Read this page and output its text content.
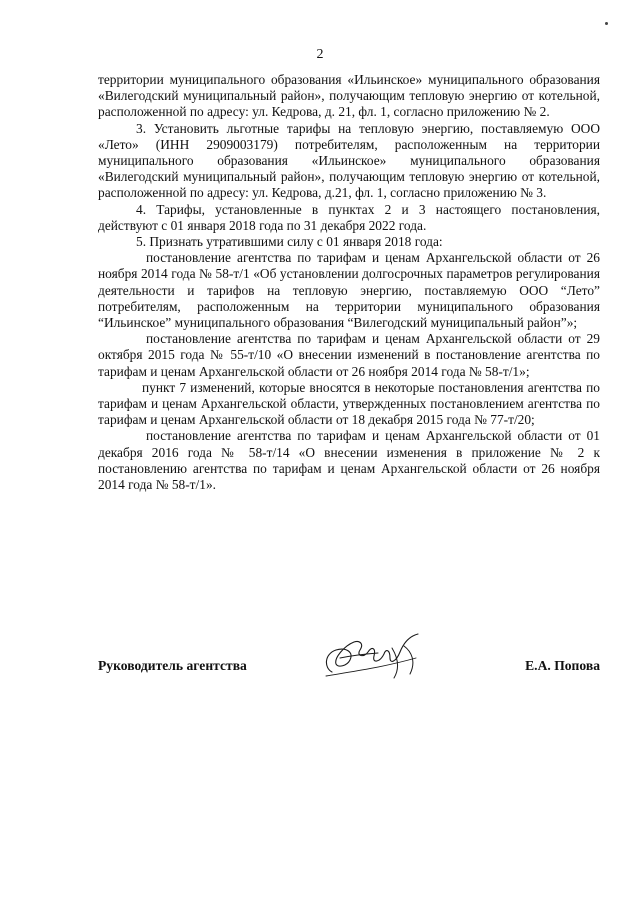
2

территории муниципального образования «Ильинское» муниципального образования «Вилегодский муниципальный район», получающим тепловую энергию от котельной, расположенной по адресу: ул. Кедрова, д. 21, фл. 1, согласно приложению № 2.

3. Установить льготные тарифы на тепловую энергию, поставляемую ООО «Лето» (ИНН 2909003179) потребителям, расположенным на территории муниципального образования «Ильинское» муниципального образования «Вилегодский муниципальный район», получающим тепловую энергию от котельной, расположенной по адресу: ул. Кедрова, д.21, фл. 1, согласно приложению № 3.

4. Тарифы, установленные в пунктах 2 и 3 настоящего постановления, действуют с 01 января 2018 года по 31 декабря 2022 года.

5. Признать утратившими силу с 01 января 2018 года:

постановление агентства по тарифам и ценам Архангельской области от 26 ноября 2014 года № 58-т/1 «Об установлении долгосрочных параметров регулирования деятельности и тарифов на тепловую энергию, поставляемую ООО “Лето” потребителям, расположенным на территории муниципального образования “Ильинское” муниципального образования “Вилегодский муниципальный район”»;

постановление агентства по тарифам и ценам Архангельской области от 29 октября 2015 года № 55-т/10 «О внесении изменений в постановление агентства по тарифам и ценам Архангельской области от 26 ноября 2014 года № 58-т/1»;

пункт 7 изменений, которые вносятся в некоторые постановления агентства по тарифам и ценам Архангельской области, утвержденных постановлением агентства по тарифам и ценам Архангельской области от 18 декабря 2015 года № 77-т/20;

постановление агентства по тарифам и ценам Архангельской области от 01 декабря 2016 года № 58-т/14 «О внесении изменения в приложение № 2 к постановлению агентства по тарифам и ценам Архангельской области от 26 ноября 2014 года № 58-т/1».

Руководитель агентства	Е.А. Попова
